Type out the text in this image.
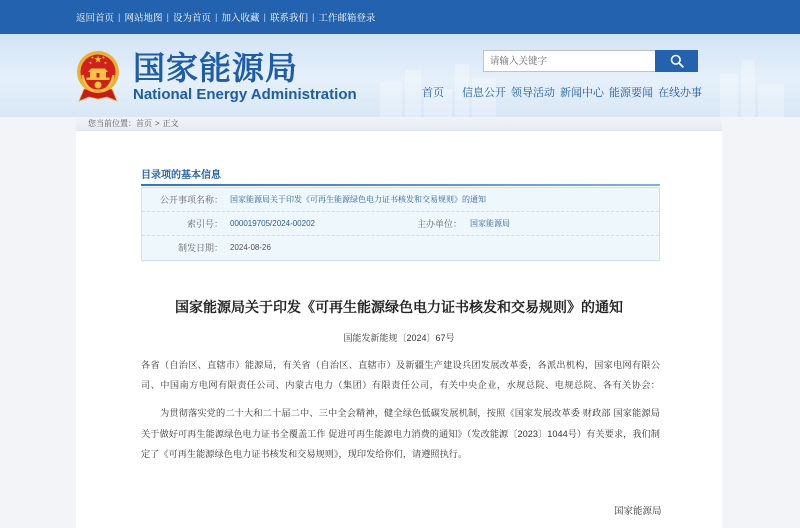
返回首页 | 网站地图 | 设为首页 | 加入收藏 | 联系我们 | 工作邮箱登录
国家能源局
National Energy Administration
请输入关键字	首页 信息公开 领导活动 新闻中心 能源要闻 在线办事
您当前位置：首页 > 正文
目录项的基本信息
公开事项名称： 国家能源局关于印发《可再生能源绿色电力证书核发和交易规则》的通知
索引号： 000019705/2024-00202	主办单位： 国家能源局
制发日期： 2024-08-26
国家能源局关于印发《可再生能源绿色电力证书核发和交易规则》的通知
国能发新能规〔2024〕67号
各省（自治区、直辖市）能源局，有关省（自治区、直辖市）及新疆生产建设兵团发展改革委，各派出机构，国家电网有限公
司、中国南方电网有限责任公司、内蒙古电力（集团）有限责任公司，有关中央企业，水规总院、电规总院、各有关协会：
为贯彻落实党的二十大和二十届二中、三中全会精神，健全绿色低碳发展机制，按照《国家发展改革委 财政部 国家能源局
关于做好可再生能源绿色电力证书全覆盖工作 促进可再生能源电力消费的通知》（发改能源〔2023〕1044号）有关要求，我们制
定了《可再生能源绿色电力证书核发和交易规则》，现印发给你们，请遵照执行。
国家能源局
